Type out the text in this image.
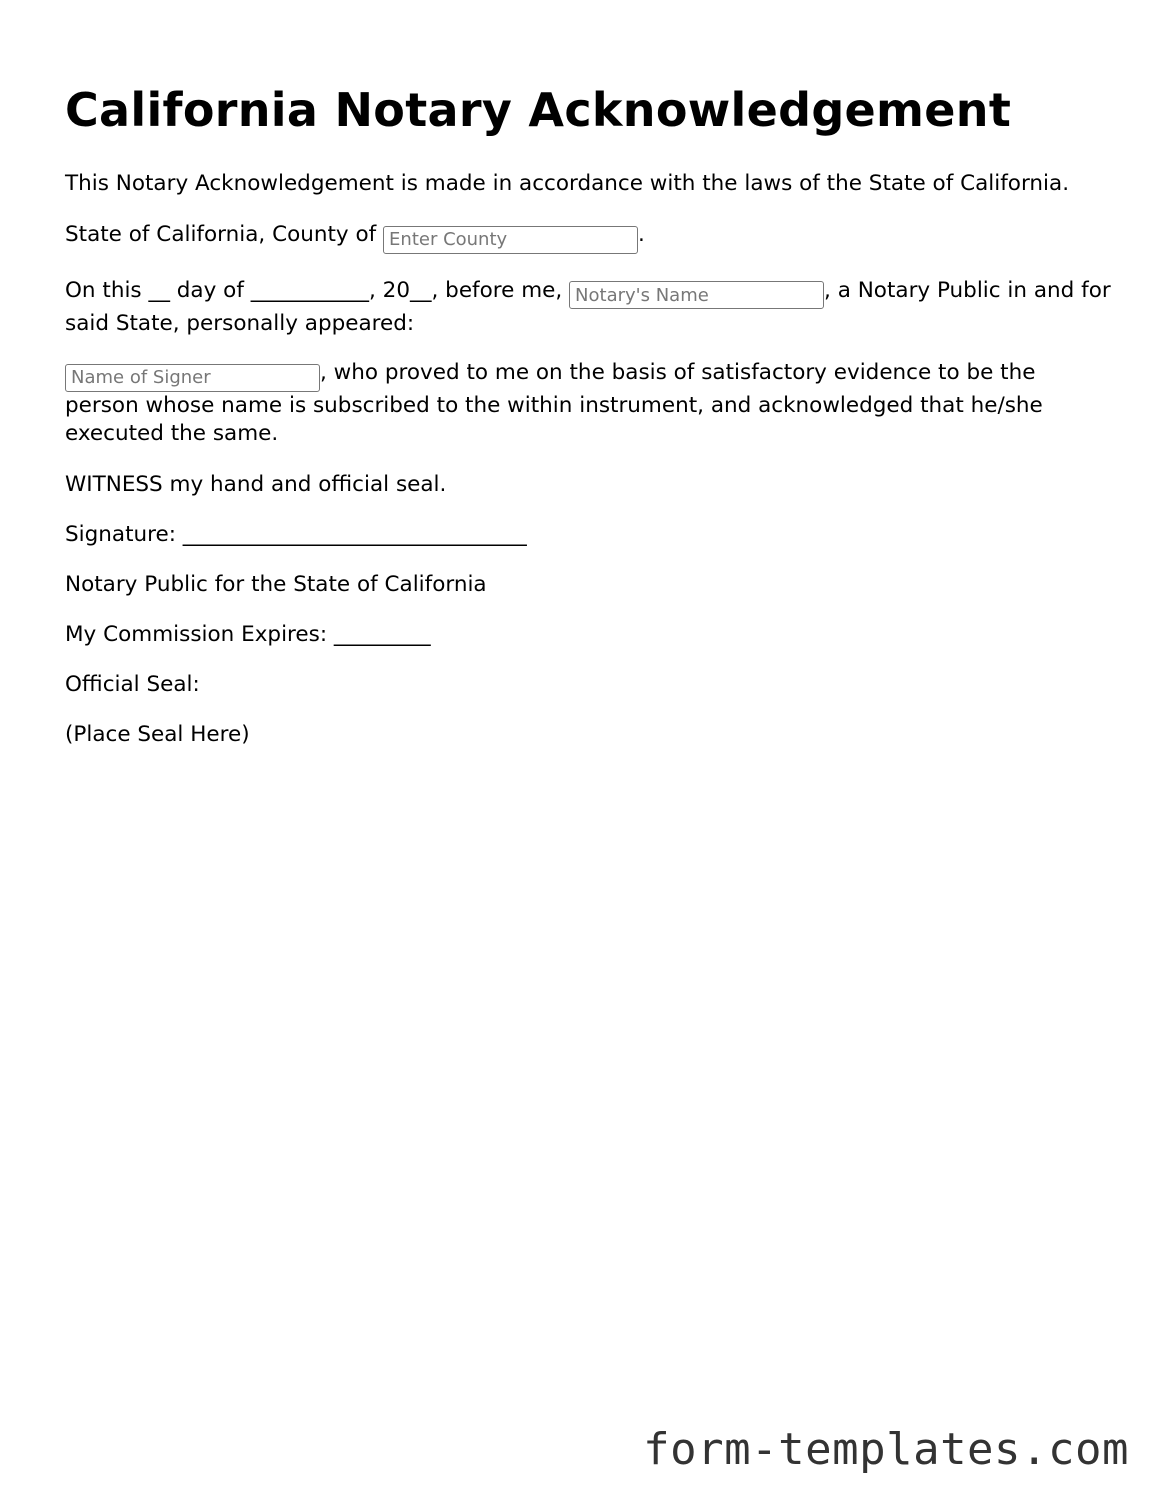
California Notary Acknowledgement

This Notary Acknowledgement is made in accordance with the laws of the State of California.

State of California, County of Enter County	.

On this __ day of ___________, 20__, before me, Notary's Name	, a Notary Public in and for said State, personally appeared:

Name of Signer, who proved to me on the basis of satisfactory evidence to be the person whose name is subscribed to the within instrument, and acknowledged that he/she executed the same.

WITNESS my hand and official seal.

Signature: ________________________________

Notary Public for the State of California

My Commission Expires: _________

Official Seal:

(Place Seal Here)

form-templates.com
